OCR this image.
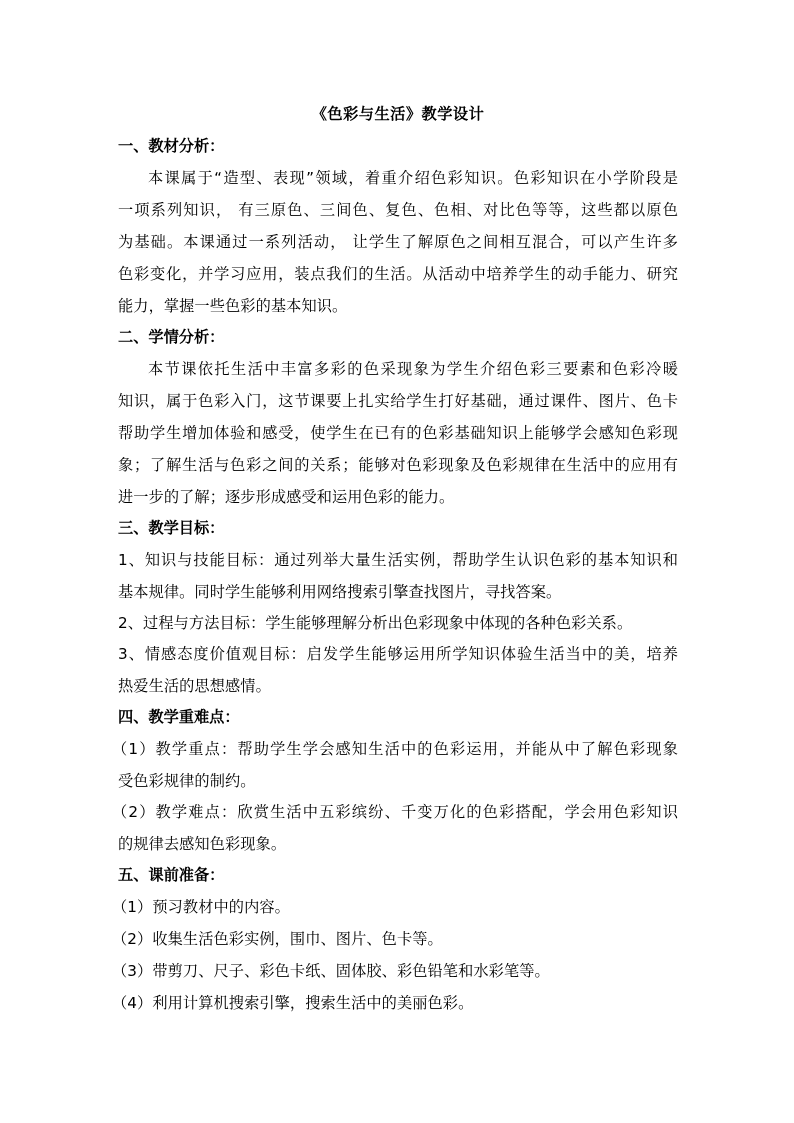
《色彩与生活》教学设计
一、教材分析：
本课属于“造型、表现”领域，着重介绍色彩知识。色彩知识在小学阶段是
一项系列知识， 有三原色、三间色、复色、色相、对比色等等，这些都以原色
为基础。本课通过一系列活动， 让学生了解原色之间相互混合，可以产生许多
色彩变化，并学习应用，装点我们的生活。从活动中培养学生的动手能力、研究
能力，掌握一些色彩的基本知识。
二、学情分析：
本节课依托生活中丰富多彩的色采现象为学生介绍色彩三要素和色彩冷暖
知识，属于色彩入门，这节课要上扎实给学生打好基础，通过课件、图片、色卡
帮助学生增加体验和感受，使学生在已有的色彩基础知识上能够学会感知色彩现
象；了解生活与色彩之间的关系；能够对色彩现象及色彩规律在生活中的应用有
进一步的了解；逐步形成感受和运用色彩的能力。
三、教学目标：
1、知识与技能目标：通过列举大量生活实例，帮助学生认识色彩的基本知识和
基本规律。同时学生能够利用网络搜索引擎查找图片，寻找答案。
2、过程与方法目标：学生能够理解分析出色彩现象中体现的各种色彩关系。
3、情感态度价值观目标：启发学生能够运用所学知识体验生活当中的美，培养
热爱生活的思想感情。
四、教学重难点：
（1）教学重点：帮助学生学会感知生活中的色彩运用，并能从中了解色彩现象
受色彩规律的制约。
（2）教学难点：欣赏生活中五彩缤纷、千变万化的色彩搭配，学会用色彩知识
的规律去感知色彩现象。
五、课前准备：
（1）预习教材中的内容。
（2）收集生活色彩实例，围巾、图片、色卡等。
（3）带剪刀、尺子、彩色卡纸、固体胶、彩色铅笔和水彩笔等。
（4）利用计算机搜索引擎，搜索生活中的美丽色彩。
